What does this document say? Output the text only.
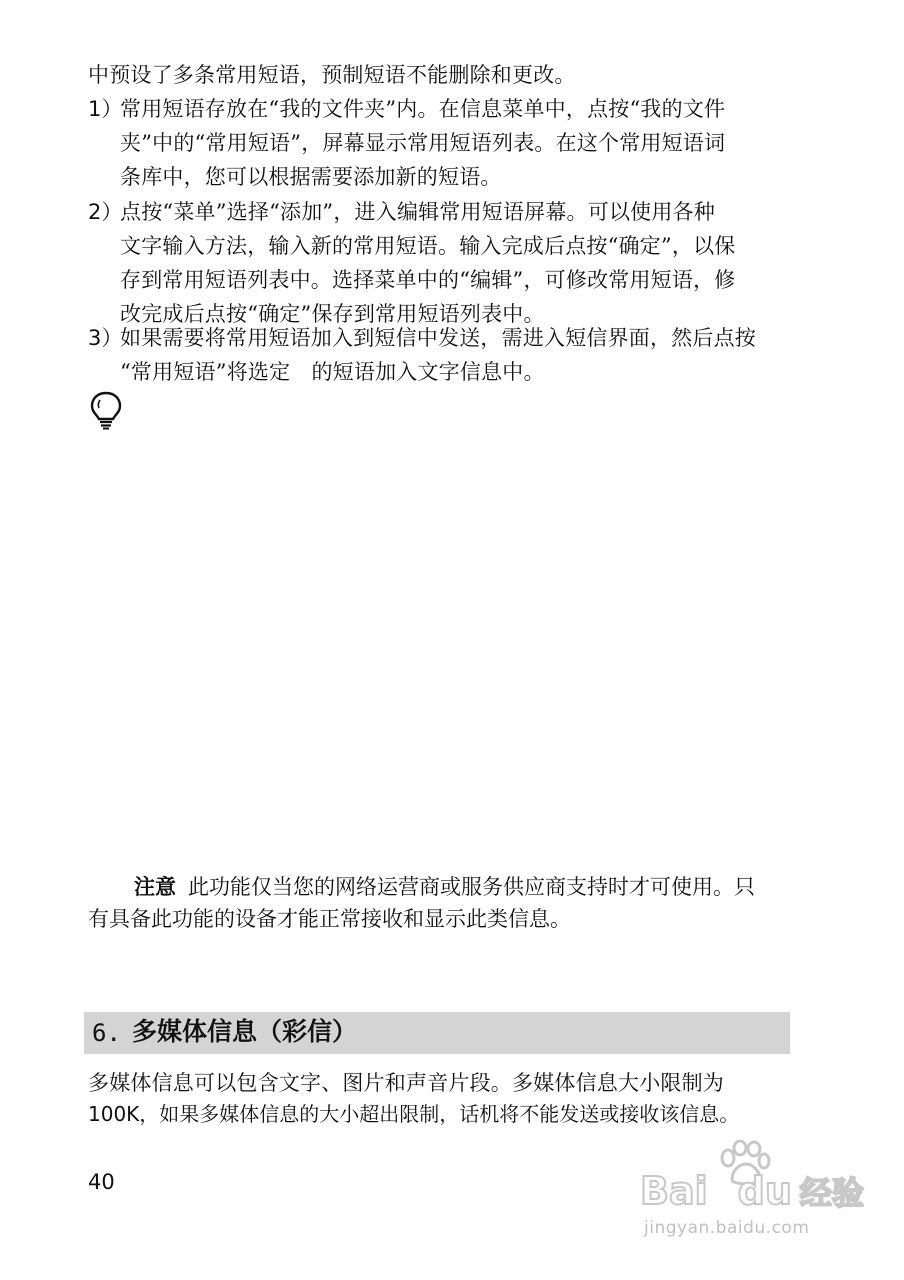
中预设了多条常用短语，预制短语不能删除和更改。
1）
常用短语存放在“我的文件夹”内。在信息菜单中，点按“我的文件
夹”中的“常用短语”，屏幕显示常用短语列表。在这个常用短语词
条库中，您可以根据需要添加新的短语。
2）
点按“菜单”选择“添加”，进入编辑常用短语屏幕。可以使用各种
文字输入方法，输入新的常用短语。输入完成后点按“确定”，以保
存到常用短语列表中。选择菜单中的“编辑”，可修改常用短语，修
改完成后点按“确定”保存到常用短语列表中。
3）
如果需要将常用短语加入到短信中发送，需进入短信界面，然后点按
“常用短语”将选定　的短语加入文字信息中。
注意 此功能仅当您的网络运营商或服务供应商支持时才可使用。只
有具备此功能的设备才能正常接收和显示此类信息。
6. 多媒体信息（彩信）
多媒体信息可以包含文字、图片和声音片段。多媒体信息大小限制为
100K，如果多媒体信息的大小超出限制，话机将不能发送或接收该信息。
40	Bai du 经验
jingyan.baidu.com
